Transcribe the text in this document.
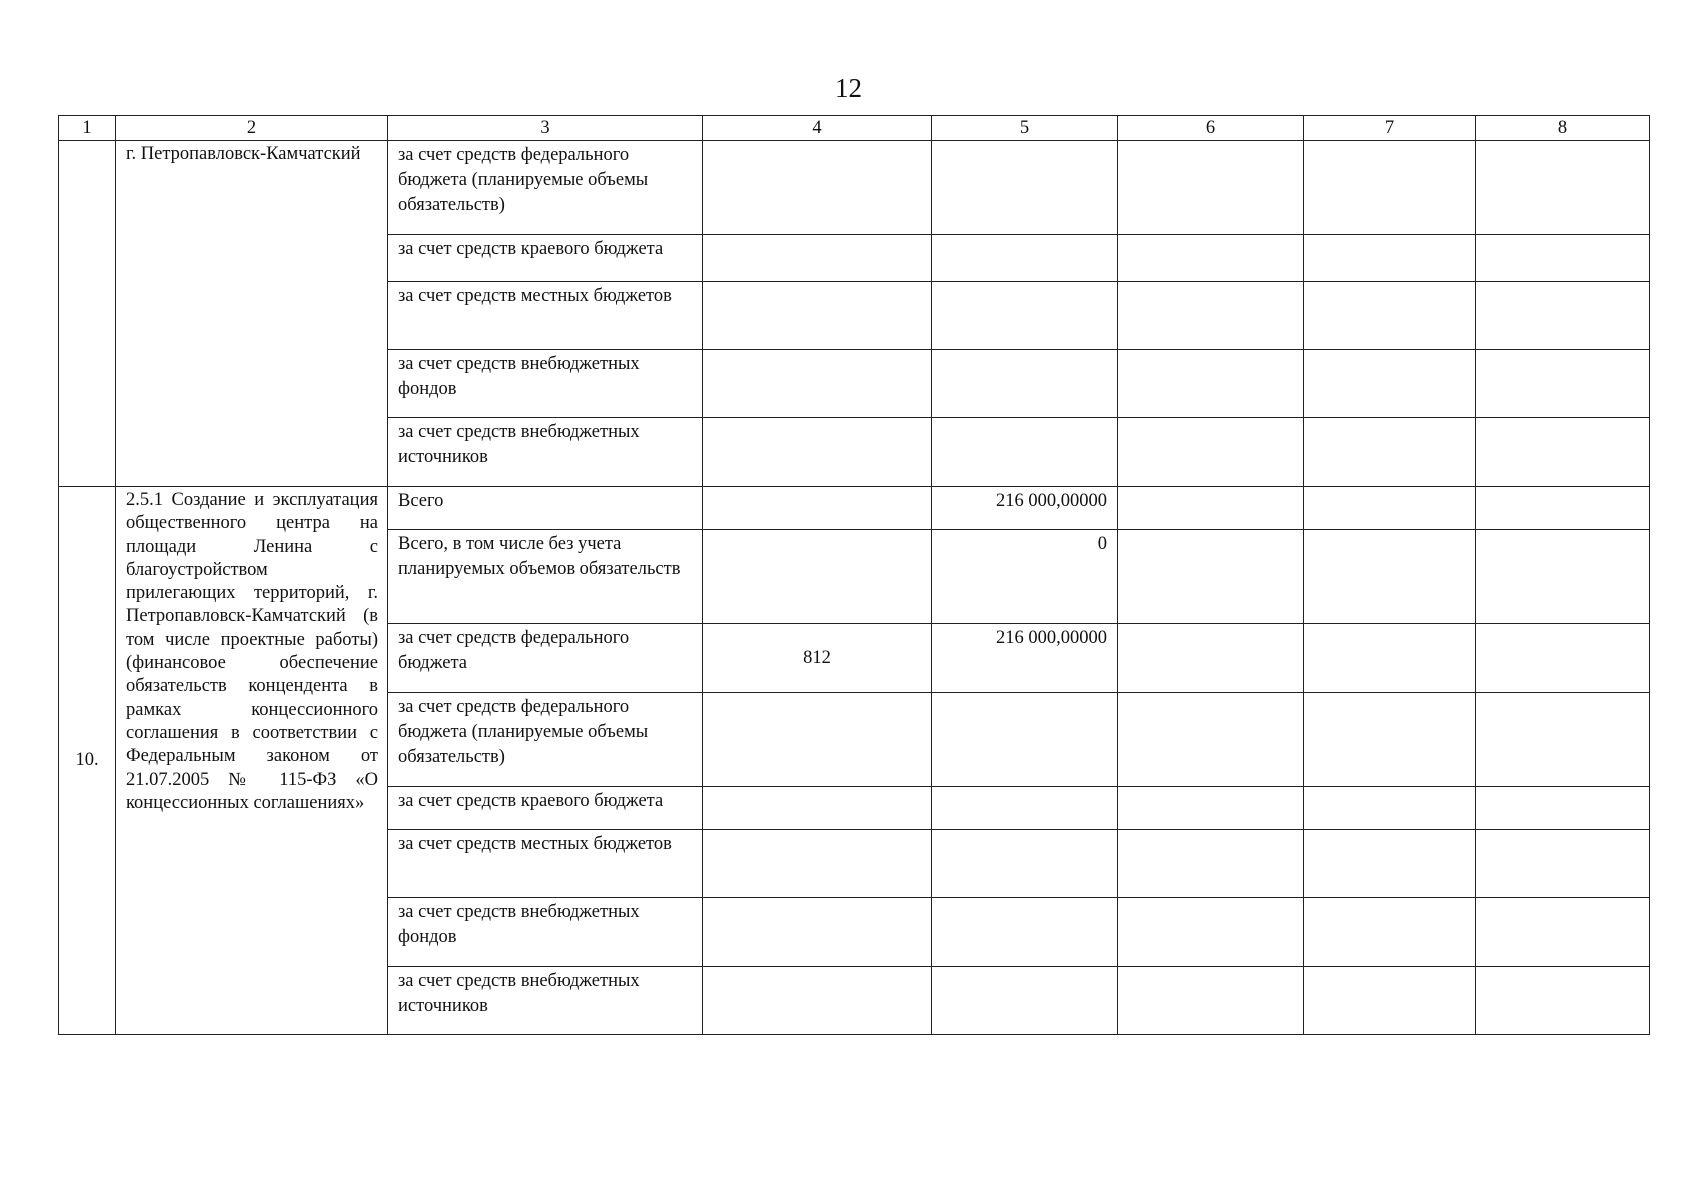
12
1	2	3	4	5	6	7	8
	г. Петропавловск-Камчатский	за счет средств федерального бюджета (планируемые объемы обязательств)					
		за счет средств краевого бюджета					
		за счет средств местных бюджетов					
		за счет средств внебюджетных фондов					
		за счет средств внебюджетных источников					
10.	2.5.1 Создание и эксплуатация общественного центра на площади Ленина с благоустройством прилегающих территорий, г. Петропавловск-Камчатский (в том числе проектные работы) (финансовое обеспечение обязательств концендента в рамках концессионного соглашения в соответствии с Федеральным законом от 21.07.2005 № 115-ФЗ «О концессионных соглашениях»	Всего		216 000,00000			
		Всего, в том числе без учета планируемых объемов обязательств		0			
		за счет средств федерального бюджета	812	216 000,00000			
		за счет средств федерального бюджета (планируемые объемы обязательств)					
		за счет средств краевого бюджета					
		за счет средств местных бюджетов					
		за счет средств внебюджетных фондов					
		за счет средств внебюджетных источников					
